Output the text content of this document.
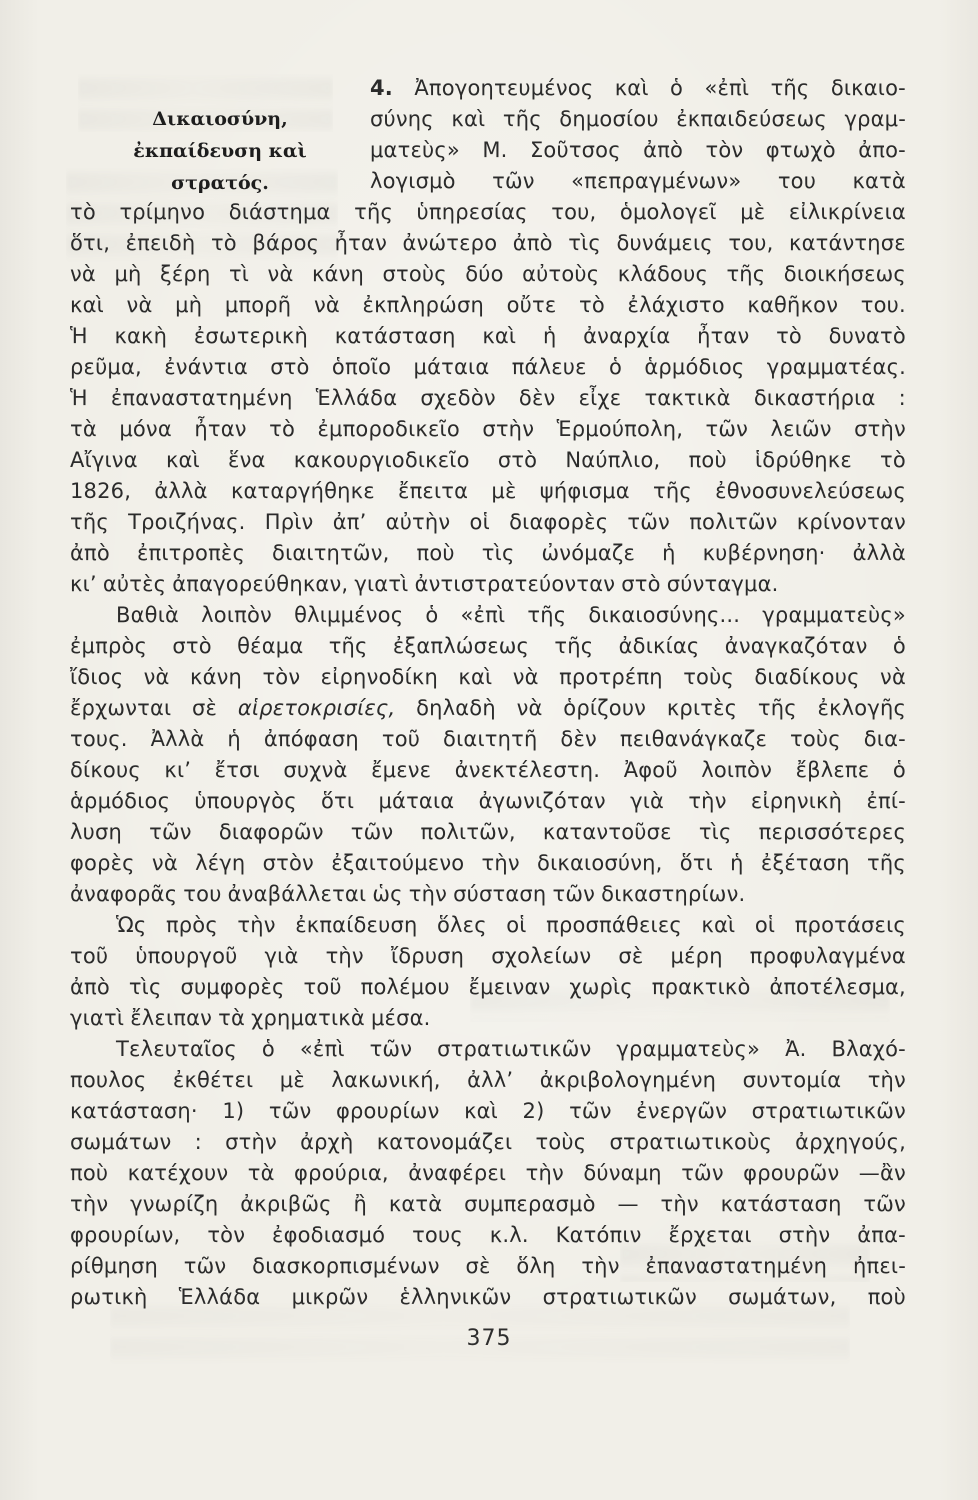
Δικαιοσύνη, ἐκπαίδευση καὶ στρατός.
4. Ἀπογοητευμένος καὶ ὁ «ἐπὶ τῆς δικαιο-
σύνης καὶ τῆς δημοσίου ἐκπαιδεύσεως γραμ-
ματεὺς» Μ. Σοῦτσος ἀπὸ τὸν φτωχὸ ἀπο-
λογισμὸ τῶν «πεπραγμένων» του κατὰ
τὸ τρίμηνο διάστημα τῆς ὑπηρεσίας του, ὁμολογεῖ μὲ εἰλικρίνεια
ὅτι, ἐπειδὴ τὸ βάρος ἦταν ἀνώτερο ἀπὸ τὶς δυνάμεις του, κατάντησε
νὰ μὴ ξέρη τὶ νὰ κάνη στοὺς δύο αὐτοὺς κλάδους τῆς διοικήσεως
καὶ νὰ μὴ μπορῆ νὰ ἐκπληρώση οὔτε τὸ ἐλάχιστο καθῆκον του.
Ἡ κακὴ ἐσωτερικὴ κατάσταση καὶ ἡ ἀναρχία ἦταν τὸ δυνατὸ
ρεῦμα, ἐνάντια στὸ ὁποῖο μάταια πάλευε ὁ ἁρμόδιος γραμματέας.
Ἡ ἐπαναστατημένη Ἑλλάδα σχεδὸν δὲν εἶχε τακτικὰ δικαστήρια :
τὰ μόνα ἦταν τὸ ἐμποροδικεῖο στὴν Ἑρμούπολη, τῶν λειῶν στὴν
Αἴγινα καὶ ἕνα κακουργιοδικεῖο στὸ Ναύπλιο, ποὺ ἱδρύθηκε τὸ
1826, ἀλλὰ καταργήθηκε ἔπειτα μὲ ψήφισμα τῆς ἐθνοσυνελεύσεως
τῆς Τροιζήνας. Πρὶν ἀπ’ αὐτὴν οἱ διαφορὲς τῶν πολιτῶν κρίνονταν
ἀπὸ ἐπιτροπὲς διαιτητῶν, ποὺ τὶς ὠνόμαζε ἡ κυβέρνηση· ἀλλὰ
κι’ αὐτὲς ἀπαγορεύθηκαν, γιατὶ ἀντιστρατεύονταν στὸ σύνταγμα.
Βαθιὰ λοιπὸν θλιμμένος ὁ «ἐπὶ τῆς δικαιοσύνης... γραμματεὺς»
ἐμπρὸς στὸ θέαμα τῆς ἐξαπλώσεως τῆς ἀδικίας ἀναγκαζόταν ὁ
ἴδιος νὰ κάνη τὸν εἰρηνοδίκη καὶ νὰ προτρέπη τοὺς διαδίκους νὰ
ἔρχωνται σὲ αἱρετοκρισίες, δηλαδὴ νὰ ὁρίζουν κριτὲς τῆς ἐκλογῆς
τους. Ἀλλὰ ἡ ἀπόφαση τοῦ διαιτητῆ δὲν πειθανάγκαζε τοὺς δια-
δίκους κι’ ἔτσι συχνὰ ἔμενε ἀνεκτέλεστη. Ἀφοῦ λοιπὸν ἔβλεπε ὁ
ἁρμόδιος ὑπουργὸς ὅτι μάταια ἀγωνιζόταν γιὰ τὴν εἰρηνικὴ ἐπί-
λυση τῶν διαφορῶν τῶν πολιτῶν, καταντοῦσε τὶς περισσότερες
φορὲς νὰ λέγη στὸν ἐξαιτούμενο τὴν δικαιοσύνη, ὅτι ἡ ἐξέταση τῆς
ἀναφορᾶς του ἀναβάλλεται ὡς τὴν σύσταση τῶν δικαστηρίων.
Ὡς πρὸς τὴν ἐκπαίδευση ὅλες οἱ προσπάθειες καὶ οἱ προτάσεις
τοῦ ὑπουργοῦ γιὰ τὴν ἴδρυση σχολείων σὲ μέρη προφυλαγμένα
ἀπὸ τὶς συμφορὲς τοῦ πολέμου ἔμειναν χωρὶς πρακτικὸ ἀποτέλεσμα,
γιατὶ ἔλειπαν τὰ χρηματικὰ μέσα.
Τελευταῖος ὁ «ἐπὶ τῶν στρατιωτικῶν γραμματεὺς» Ἀ. Βλαχό-
πουλος ἐκθέτει μὲ λακωνική, ἀλλ’ ἀκριβολογημένη συντομία τὴν
κατάσταση· 1) τῶν φρουρίων καὶ 2) τῶν ἐνεργῶν στρατιωτικῶν
σωμάτων : στὴν ἀρχὴ κατονομάζει τοὺς στρατιωτικοὺς ἀρχηγούς,
ποὺ κατέχουν τὰ φρούρια, ἀναφέρει τὴν δύναμη τῶν φρουρῶν —ἂν
τὴν γνωρίζη ἀκριβῶς ἢ κατὰ συμπερασμὸ — τὴν κατάσταση τῶν
φρουρίων, τὸν ἐφοδιασμό τους κ.λ. Κατόπιν ἔρχεται στὴν ἀπα-
ρίθμηση τῶν διασκορπισμένων σὲ ὅλη τὴν ἐπαναστατημένη ἠπει-
ρωτικὴ Ἑλλάδα μικρῶν ἑλληνικῶν στρατιωτικῶν σωμάτων, ποὺ
375
